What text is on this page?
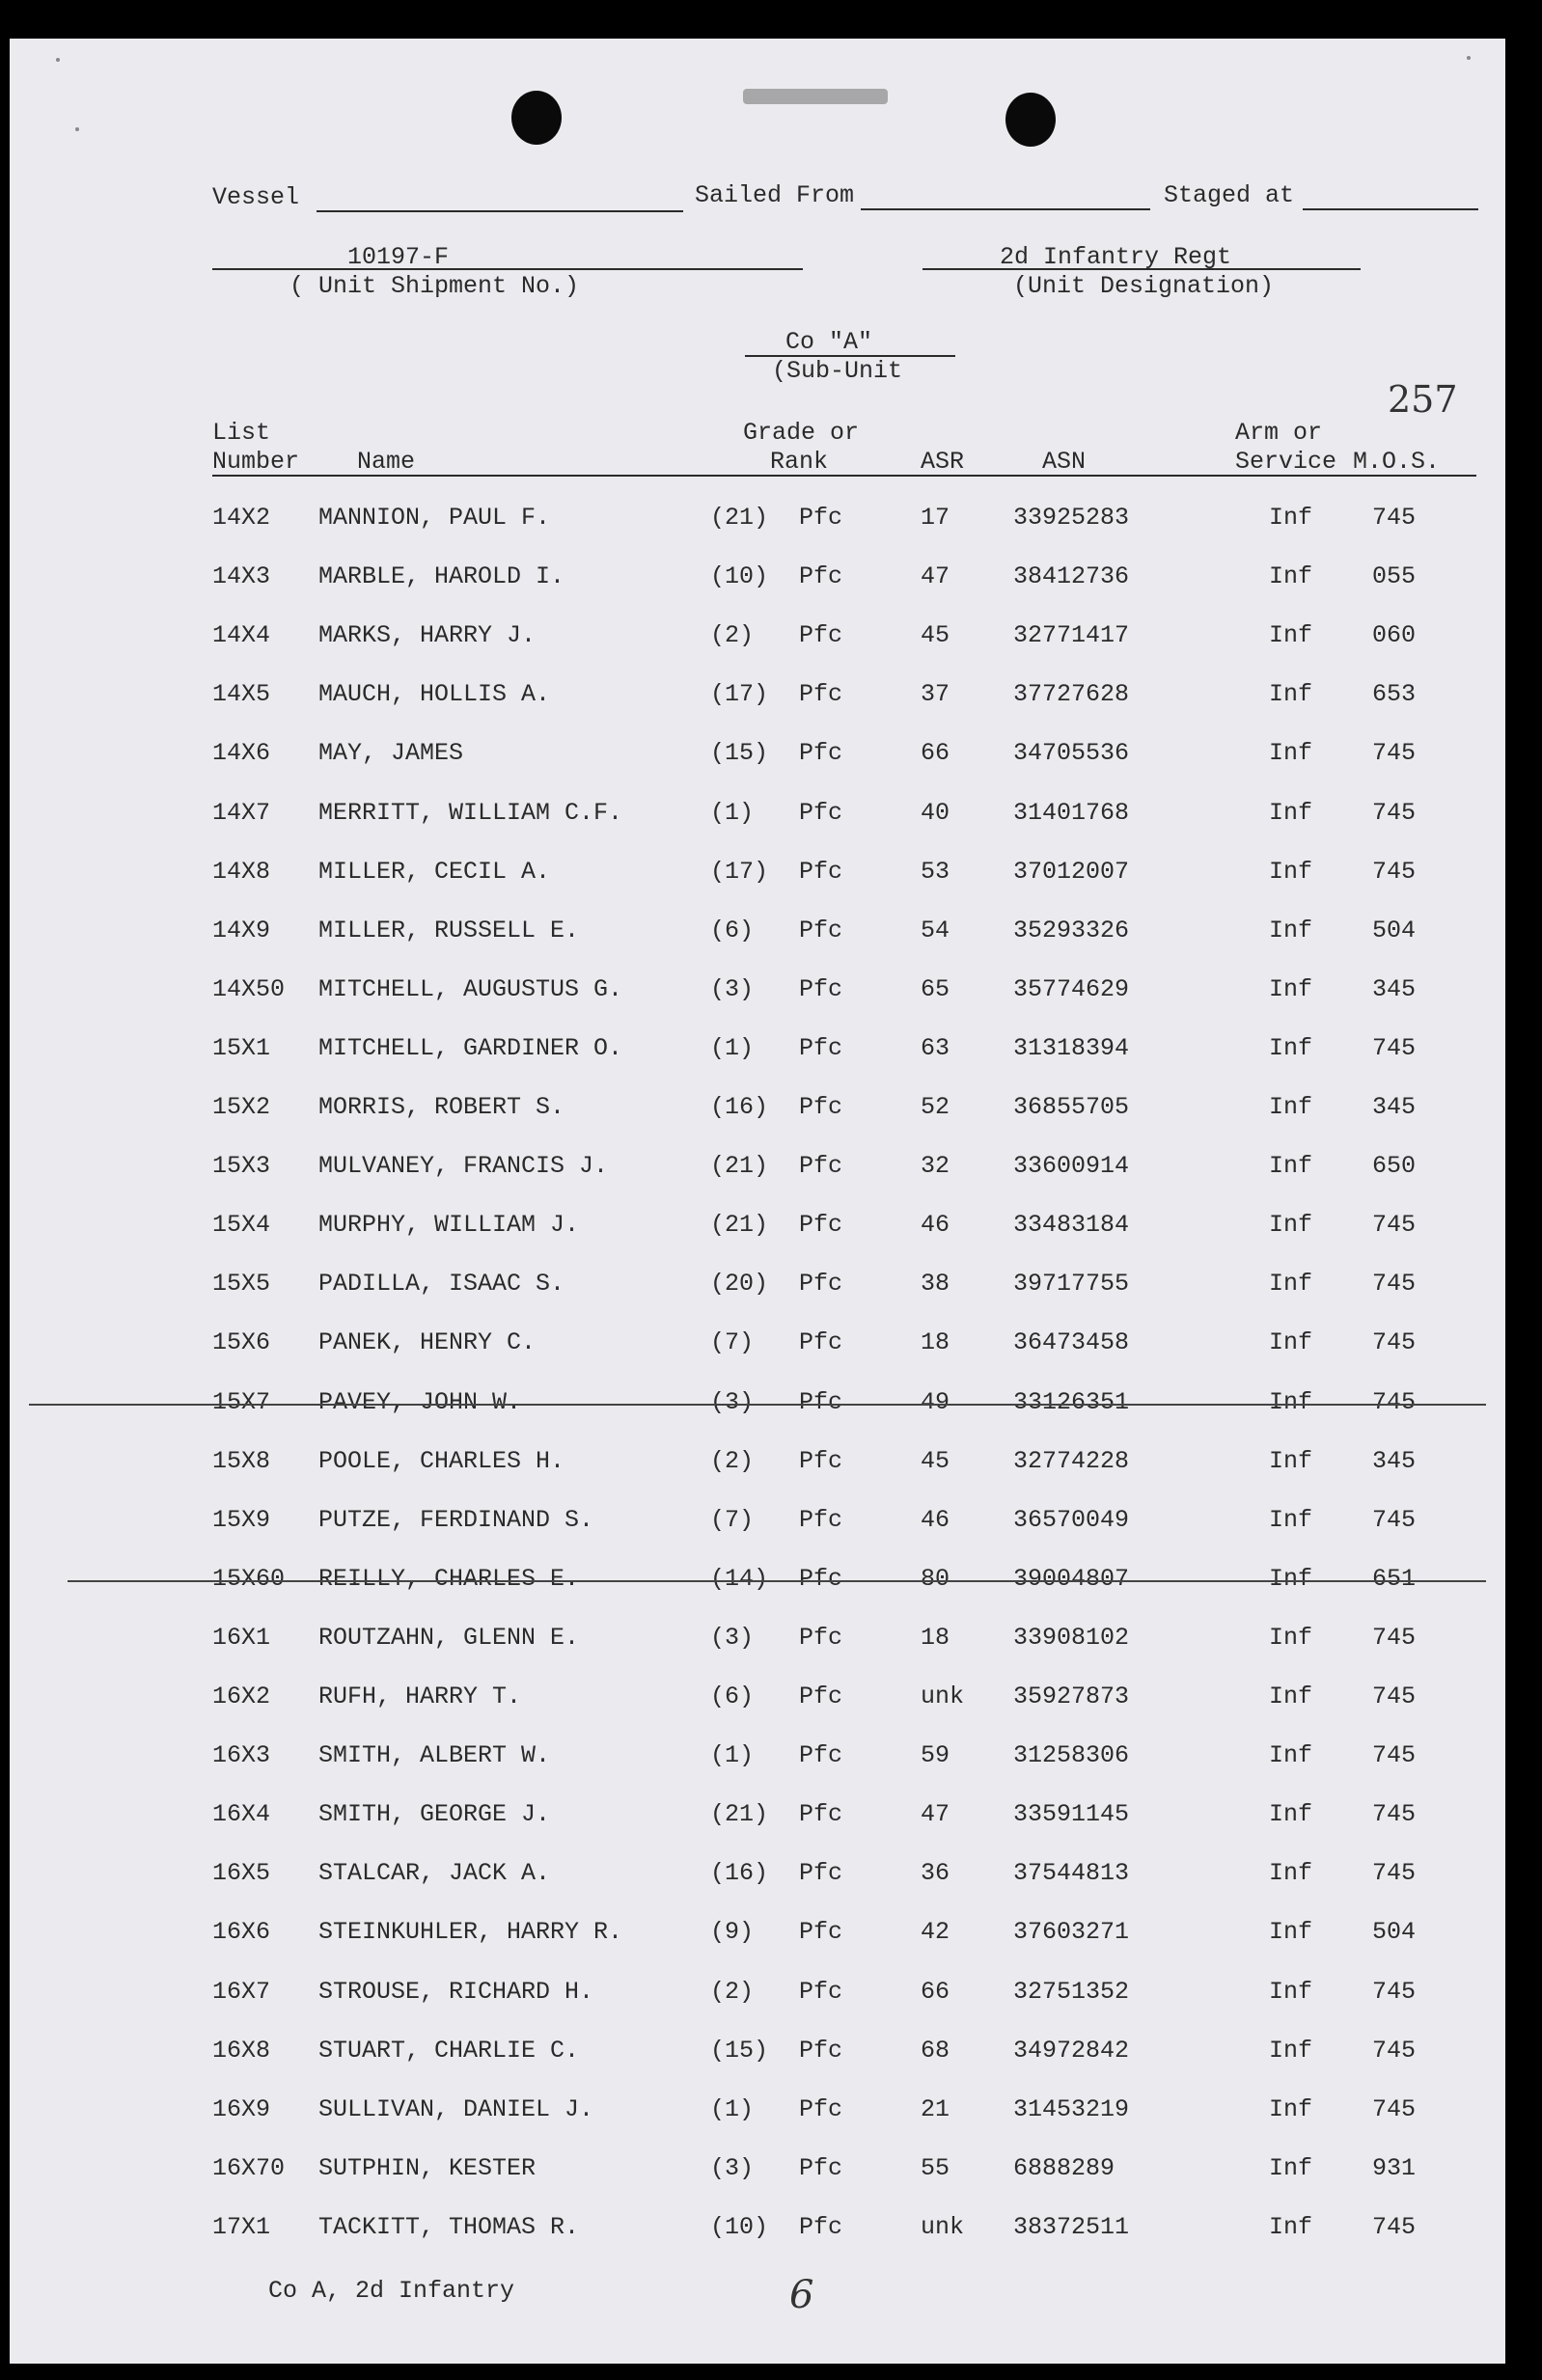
257
Vessel	Sailed From	Staged at
10197-F
( Unit Shipment No.)
2d Infantry Regt
(Unit Designation)
Co "A"
(Sub-Unit
List
Number Name
Grade or
Rank	ASR	ASN
Arm or
Service M.O.S.
14X2 MANNION, PAUL F.	(21) Pfc	17	33925283	Inf 745
14X3 MARBLE, HAROLD I.	(10) Pfc	47	38412736	Inf 055
14X4 MARKS, HARRY J.	(2) Pfc	45	32771417	Inf 060
14X5 MAUCH, HOLLIS A.	(17) Pfc	37	37727628	Inf 653
14X6 MAY, JAMES	(15) Pfc	66	34705536	Inf 745
14X7 MERRITT, WILLIAM C.F.	(1) Pfc	40	31401768	Inf 745
14X8 MILLER, CECIL A.	(17) Pfc	53	37012007	Inf 745
14X9 MILLER, RUSSELL E.	(6) Pfc	54	35293326	Inf 504
14X50 MITCHELL, AUGUSTUS G.	(3) Pfc	65	35774629	Inf 345
15X1 MITCHELL, GARDINER O.	(1) Pfc	63	31318394	Inf 745
15X2 MORRIS, ROBERT S.	(16) Pfc	52	36855705	Inf 345
15X3 MULVANEY, FRANCIS J.	(21) Pfc	32	33600914	Inf 650
15X4 MURPHY, WILLIAM J.	(21) Pfc	46	33483184	Inf 745
15X5 PADILLA, ISAAC S.	(20) Pfc	38	39717755	Inf 745
15X6 PANEK, HENRY C.	(7) Pfc	18	36473458	Inf 745
15X7 PAVEY, JOHN W.	(3) Pfc	49	33126351	Inf 745
15X8 POOLE, CHARLES H.	(2) Pfc	45	32774228	Inf 345
15X9 PUTZE, FERDINAND S.	(7) Pfc	46	36570049	Inf 745
15X60 REILLY, CHARLES E.	(14) Pfc	80	39004807	Inf 651
16X1 ROUTZAHN, GLENN E.	(3) Pfc	18	33908102	Inf 745
16X2 RUFH, HARRY T.	(6) Pfc	unk 35927873	Inf 745
16X3 SMITH, ALBERT W.	(1) Pfc	59	31258306	Inf 745
16X4 SMITH, GEORGE J.	(21) Pfc	47	33591145	Inf 745
16X5 STALCAR, JACK A.	(16) Pfc	36	37544813	Inf 745
16X6 STEINKUHLER, HARRY R.	(9) Pfc	42	37603271	Inf 504
16X7 STROUSE, RICHARD H.	(2) Pfc	66	32751352	Inf 745
16X8 STUART, CHARLIE C.	(15) Pfc	68	34972842	Inf 745
16X9 SULLIVAN, DANIEL J.	(1) Pfc	21	31453219	Inf 745
16X70 SUTPHIN, KESTER	(3) Pfc	55	6888289	Inf 931
17X1 TACKITT, THOMAS R.	(10) Pfc	unk 38372511	Inf 745
Co A, 2d Infantry	6
